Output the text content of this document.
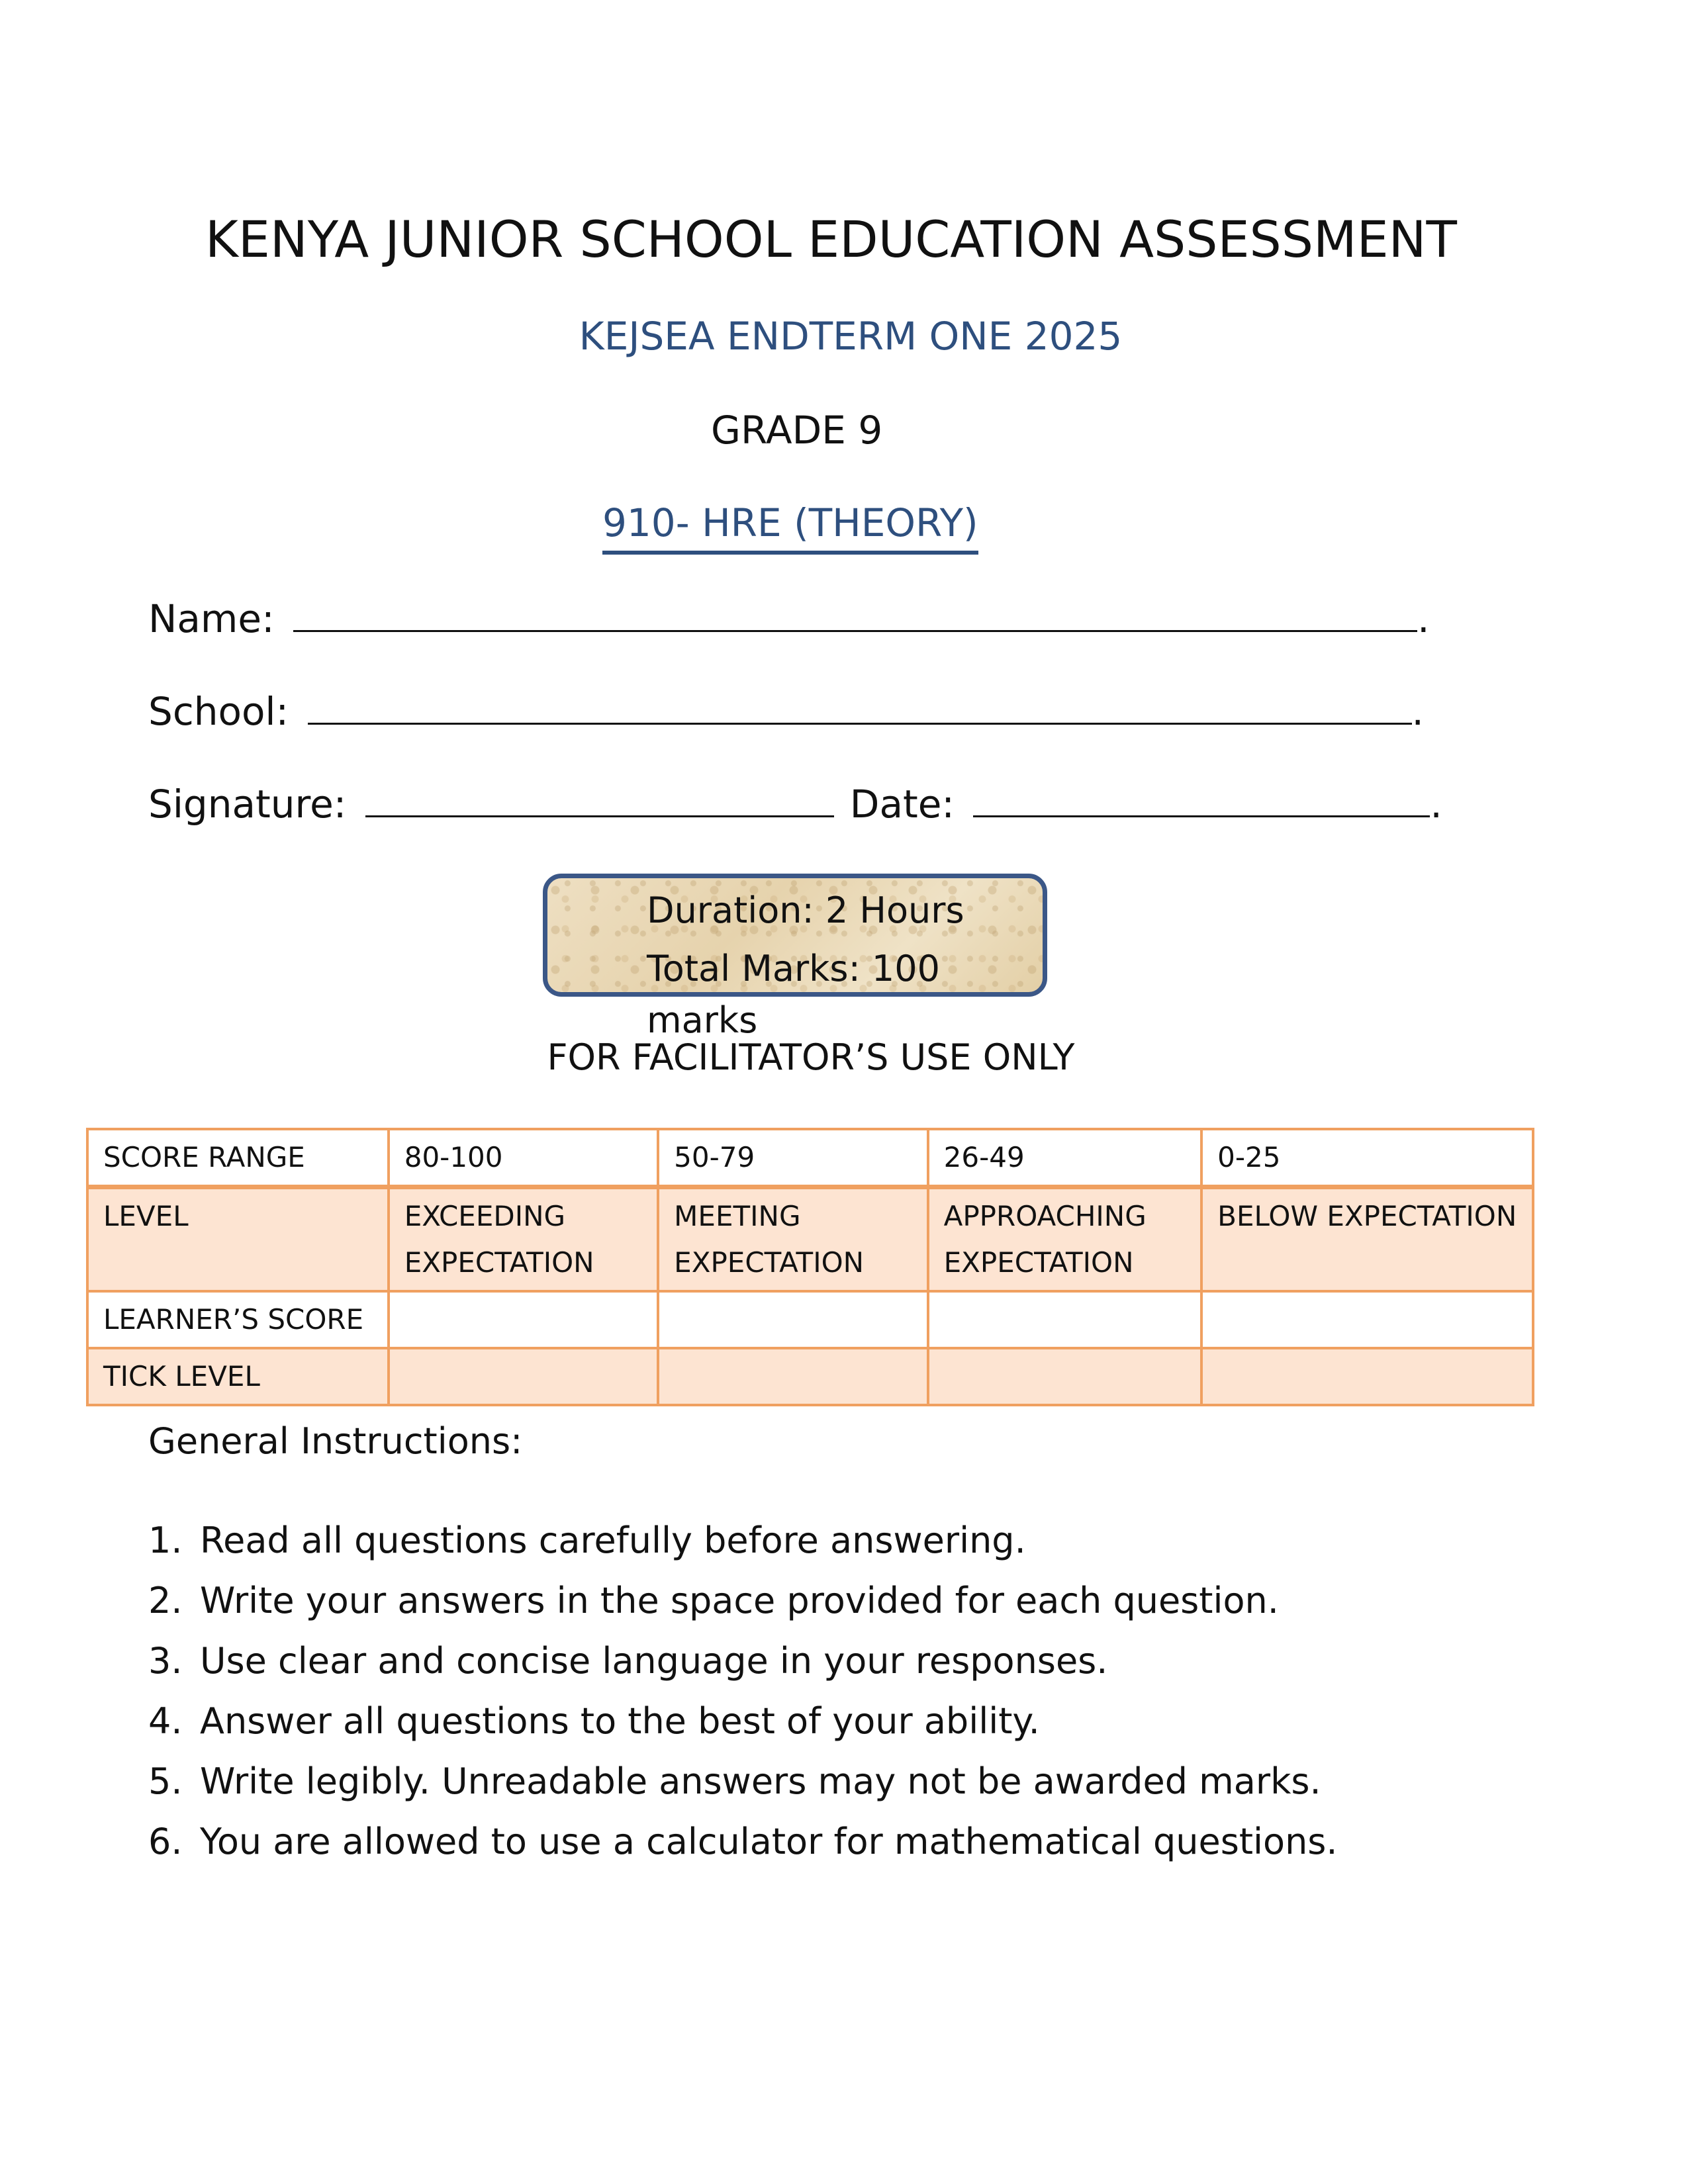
KENYA JUNIOR SCHOOL EDUCATION ASSESSMENT
KEJSEA ENDTERM ONE 2025
GRADE 9
910- HRE (THEORY)
Name:	.
School:	.
Signature:	Date:	.
Duration: 2 Hours
Total Marks: 100 marks
FOR FACILITATOR’S USE ONLY
SCORE RANGE	80-100	50-79	26-49	0-25
LEVEL	EXCEEDING EXPECTATION	MEETING EXPECTATION	APPROACHING EXPECTATION	BELOW EXPECTATION
LEARNER’S SCORE				
TICK LEVEL				
General Instructions:
1. Read all questions carefully before answering.
2. Write your answers in the space provided for each question.
3. Use clear and concise language in your responses.
4. Answer all questions to the best of your ability.
5. Write legibly. Unreadable answers may not be awarded marks.
6. You are allowed to use a calculator for mathematical questions.
